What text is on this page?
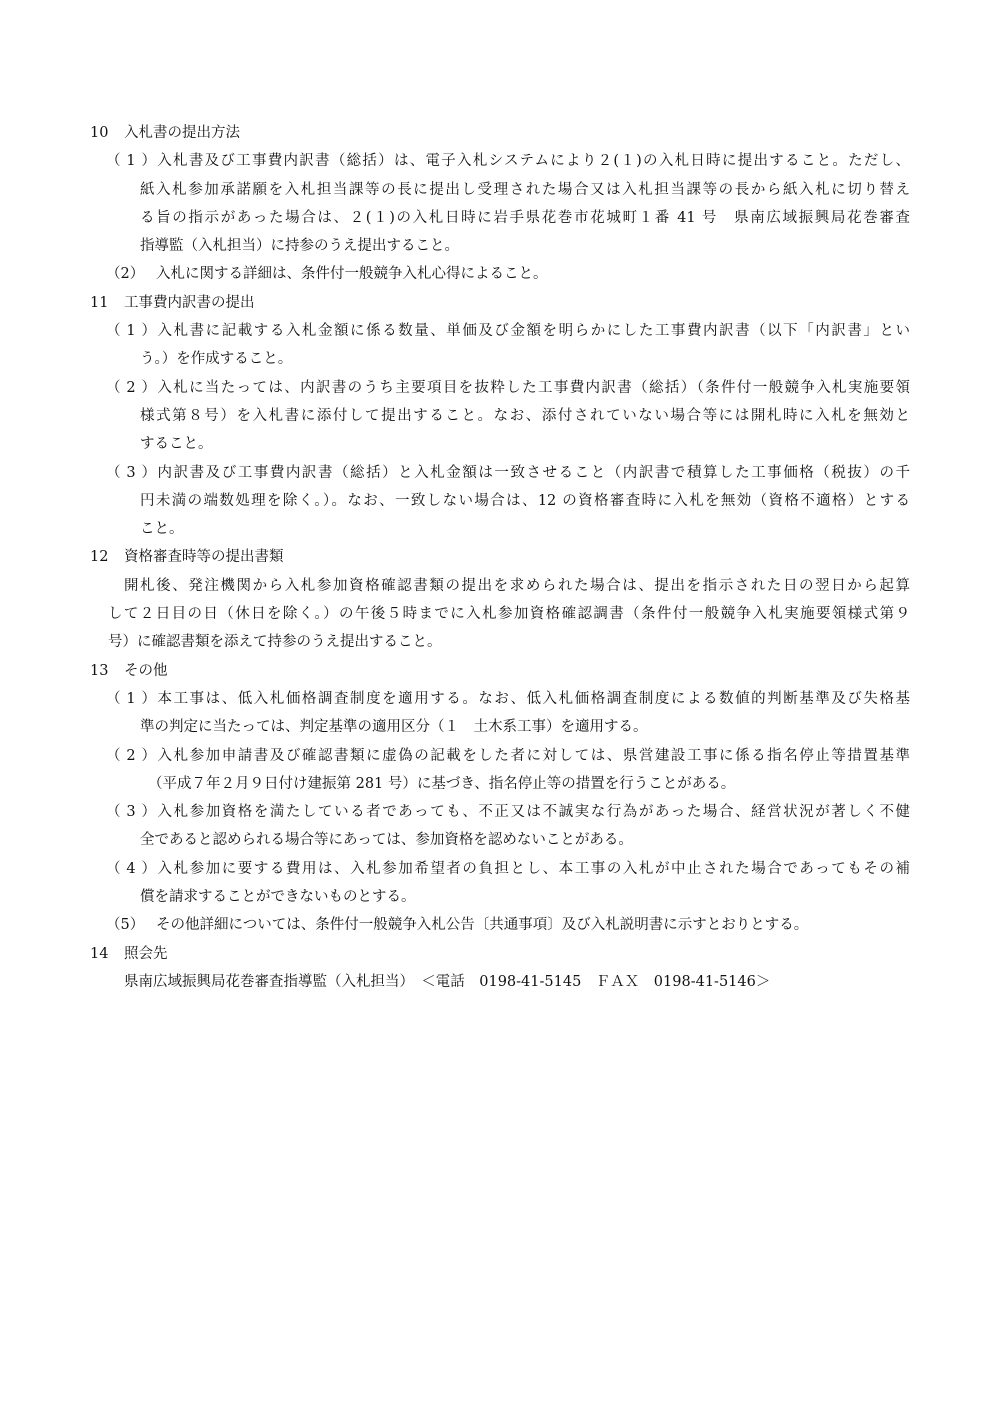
10 入札書の提出方法
（1）入札書及び工事費内訳書（総括）は、電子入札システムにより２(１)の入札日時に提出すること。ただし、
紙入札参加承諾願を入札担当課等の長に提出し受理された場合又は入札担当課等の長から紙入札に切り替え
る旨の指示があった場合は、２(１)の入札日時に岩手県花巻市花城町１番 41 号　県南広域振興局花巻審査
指導監（入札担当）に持参のうえ提出すること。
（2） 入札に関する詳細は、条件付一般競争入札心得によること。
11 工事費内訳書の提出
（1）入札書に記載する入札金額に係る数量、単価及び金額を明らかにした工事費内訳書（以下「内訳書」とい
う。）を作成すること。
（2）入札に当たっては、内訳書のうち主要項目を抜粋した工事費内訳書（総括）（条件付一般競争入札実施要領
様式第８号）を入札書に添付して提出すること。なお、添付されていない場合等には開札時に入札を無効と
すること。
（3）内訳書及び工事費内訳書（総括）と入札金額は一致させること（内訳書で積算した工事価格（税抜）の千
円未満の端数処理を除く。）。なお、一致しない場合は、12 の資格審査時に入札を無効（資格不適格）とする
こと。
12 資格審査時等の提出書類
開札後、発注機関から入札参加資格確認書類の提出を求められた場合は、提出を指示された日の翌日から起算
して２日目の日（休日を除く。）の午後５時までに入札参加資格確認調書（条件付一般競争入札実施要領様式第９
号）に確認書類を添えて持参のうえ提出すること。
13 その他
（1）本工事は、低入札価格調査制度を適用する。なお、低入札価格調査制度による数値的判断基準及び失格基
準の判定に当たっては、判定基準の適用区分（１　土木系工事）を適用する。
（2）入札参加申請書及び確認書類に虚偽の記載をした者に対しては、県営建設工事に係る指名停止等措置基準
（平成７年２月９日付け建振第 281 号）に基づき、指名停止等の措置を行うことがある。
（3）入札参加資格を満たしている者であっても、不正又は不誠実な行為があった場合、経営状況が著しく不健
全であると認められる場合等にあっては、参加資格を認めないことがある。
（4）入札参加に要する費用は、入札参加希望者の負担とし、本工事の入札が中止された場合であってもその補
償を請求することができないものとする。
（5） その他詳細については、条件付一般競争入札公告〔共通事項〕及び入札説明書に示すとおりとする。
14 照会先
県南広域振興局花巻審査指導監（入札担当）　＜電話　0198-41-5145　ＦＡＸ　0198-41-5146＞
